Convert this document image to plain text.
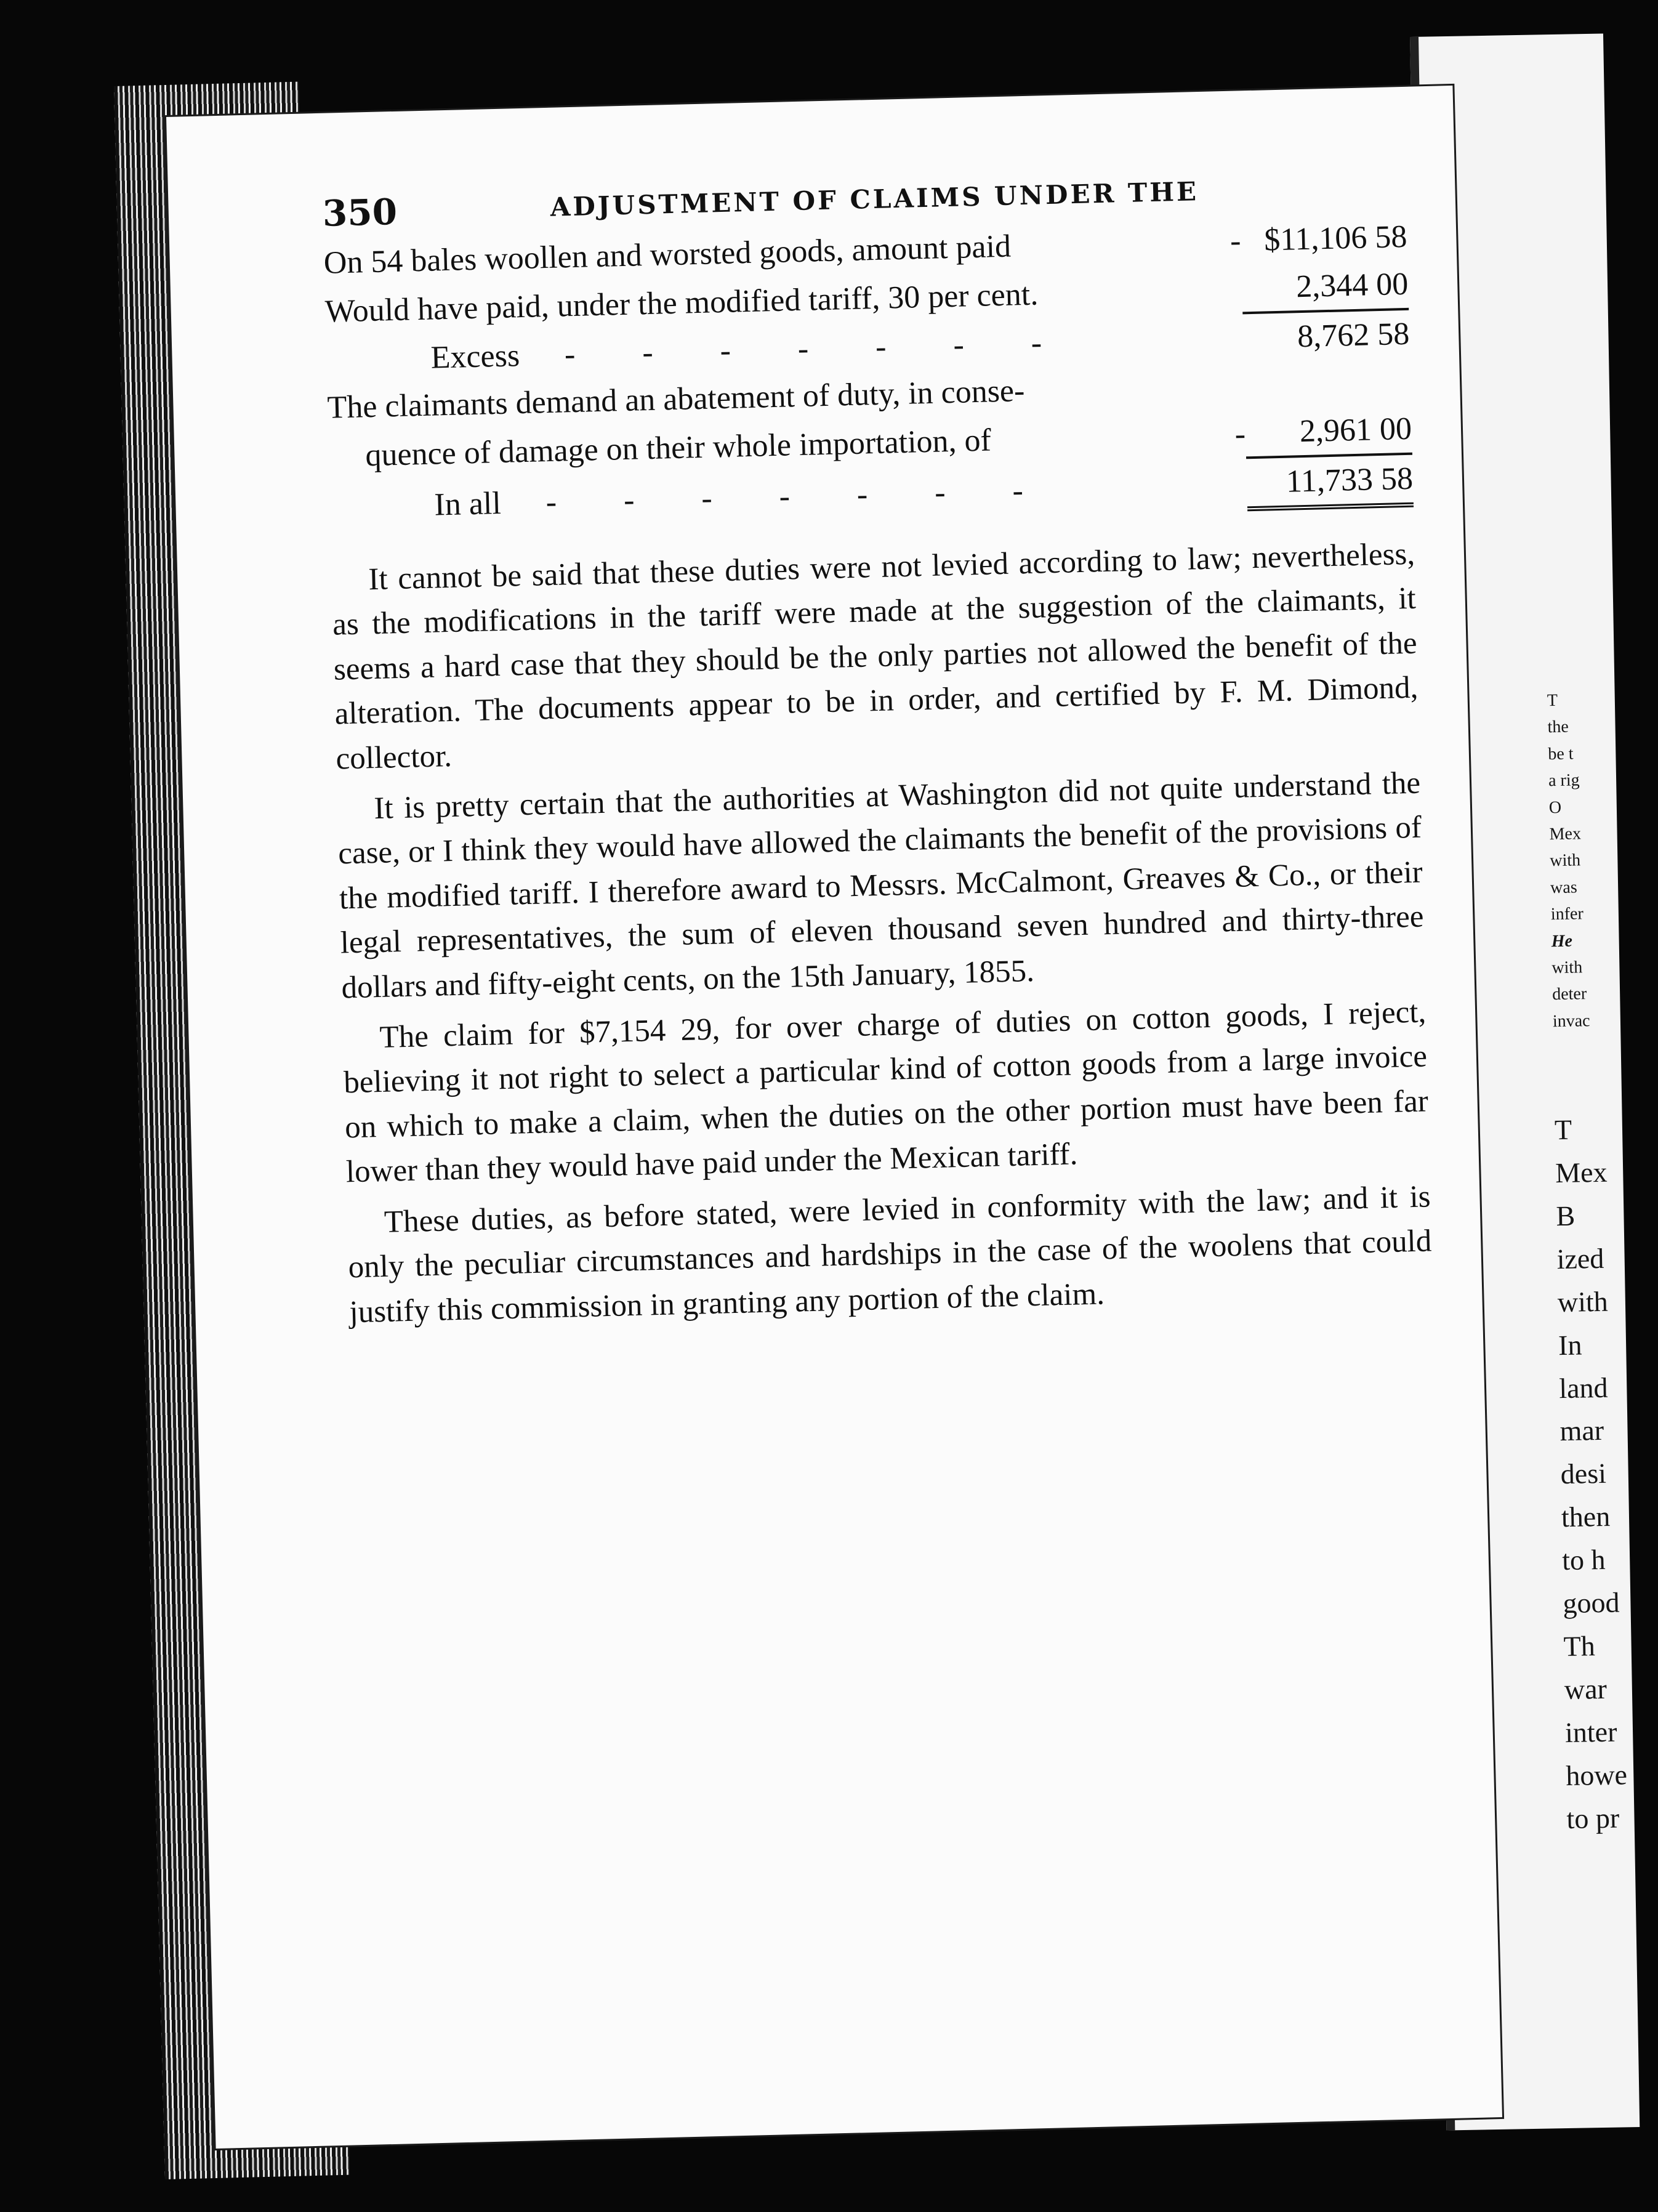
T
the
be t
a rig
O
Mex
with
was
infer
He
with
deter
invac
T
Mex
B
ized
with
In
land
mar
desi
then
to h
good
Th
war
inter
howe
to pr
350	ADJUSTMENT OF CLAIMS UNDER THE
On 54 bales woollen and worsted goods, amount paid	-	$11,106 58
Would have paid, under the modified tariff, 30 per cent.		2,344 00
Excess - - - - - - -		8,762 58
The claimants demand an abatement of duty, in conse-		
quence of damage on their whole importation, of	-	2,961 00
In all - - - - - - -		11,733 58

It cannot be said that these duties were not levied according to law; nevertheless, as the modifications in the tariff were made at the suggestion of the claimants, it seems a hard case that they should be the only parties not allowed the benefit of the alteration. The documents appear to be in order, and certified by F. M. Dimond, collector.

It is pretty certain that the authorities at Washington did not quite understand the case, or I think they would have allowed the claimants the benefit of the provisions of the modified tariff. I therefore award to Messrs. McCalmont, Greaves & Co., or their legal representatives, the sum of eleven thousand seven hundred and thirty-three dollars and fifty-eight cents, on the 15th January, 1855.

The claim for $7,154 29, for over charge of duties on cotton goods, I reject, believing it not right to select a particular kind of cotton goods from a large invoice on which to make a claim, when the duties on the other portion must have been far lower than they would have paid under the Mexican tariff.

These duties, as before stated, were levied in conformity with the law; and it is only the peculiar circumstances and hardships in the case of the woolens that could justify this commission in granting any portion of the claim.
